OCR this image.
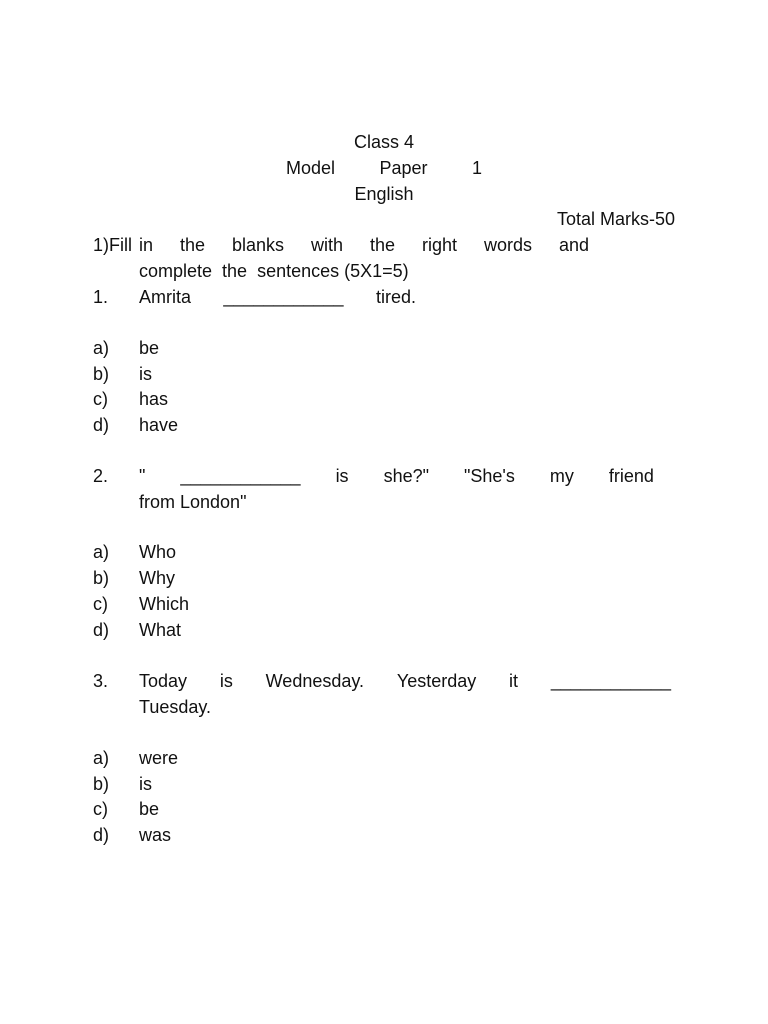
Class 4
Model Paper 1
English
Total Marks-50
1)Fill in the blanks with the right words and
complete  the  sentences (5X1=5)
1. Amrita ____________ tired.
a) be
b) is
c) has
d) have
2. " ____________ is she?" "She's my friend
from London"
a) Who
b) Why
c) Which
d) What
3. Today is Wednesday. Yesterday it ____________
Tuesday.
a) were
b) is
c) be
d) was
